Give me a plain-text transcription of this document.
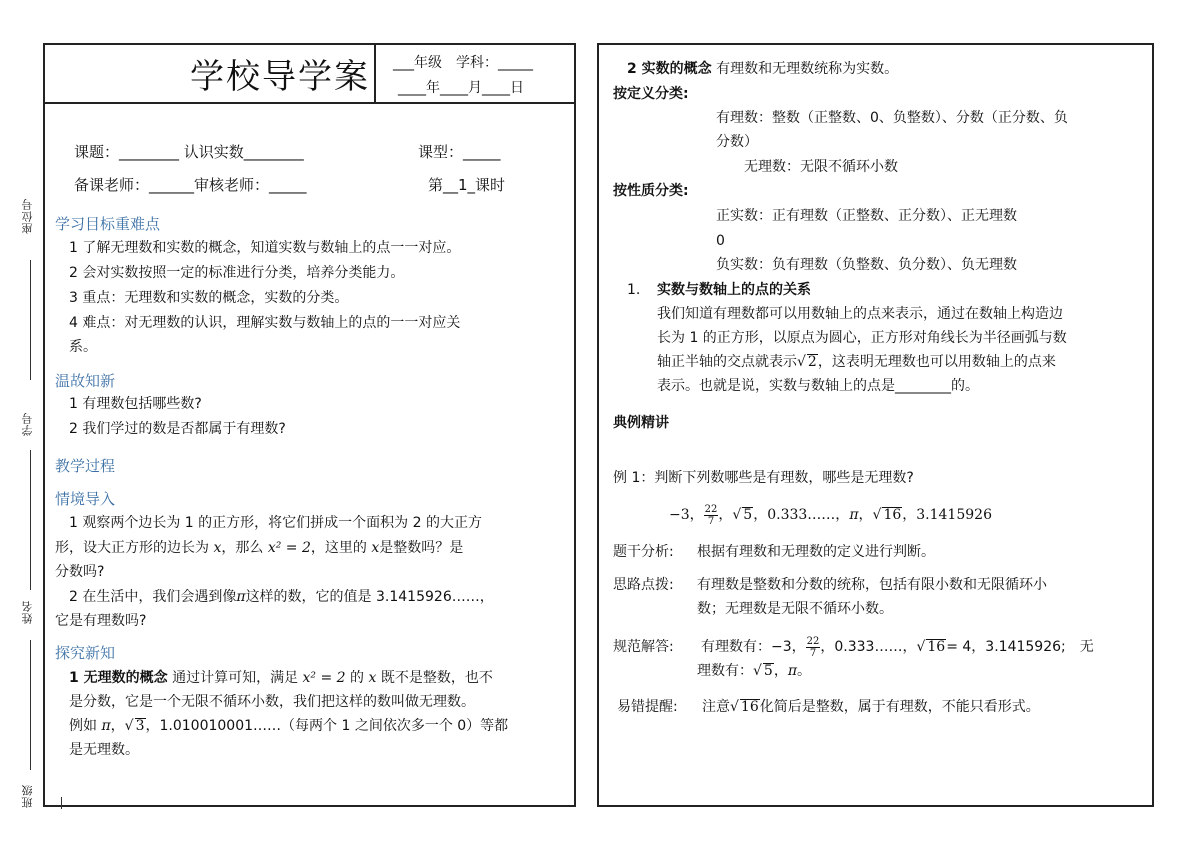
座位号
学号
姓名
班级
学校导学案 ___年级　学科：_____
____年____月____日
课题：________ 认识实数________	课型：_____
备课老师：______审核老师：_____	第__1_课时
学习目标重难点
1 了解无理数和实数的概念，知道实数与数轴上的点一一对应。
2 会对实数按照一定的标准进行分类，培养分类能力。
3 重点：无理数和实数的概念，实数的分类。
4 难点：对无理数的认识，理解实数与数轴上的点的一一对应关
系。
温故知新
1 有理数包括哪些数?
2 我们学过的数是否都属于有理数?
教学过程
情境导入
1 观察两个边长为 1 的正方形，将它们拼成一个面积为 2 的大正方
形，设大正方形的边长为 x，那么 x² = 2，这里的 x是整数吗？是
分数吗?
2 在生活中，我们会遇到像π这样的数，它的值是 3.1415926……，
它是有理数吗?
探究新知
1 无理数的概念 通过计算可知，满足 x² = 2 的 x 既不是整数，也不
是分数，它是一个无限不循环小数，我们把这样的数叫做无理数。
例如 π，√ 3，1.010010001……（每两个 1 之间依次多一个 0）等都
是无理数。
2 实数的概念 有理数和无理数统称为实数。
按定义分类:
有理数：整数（正整数、0、负整数）、分数（正分数、负
分数）
无理数：无限不循环小数
按性质分类:
正实数：正有理数（正整数、正分数）、正无理数
0
负实数：负有理数（负整数、负分数）、负无理数
1. 实数与数轴上的点的关系
我们知道有理数都可以用数轴上的点来表示，通过在数轴上构造边
长为 1 的正方形，以原点为圆心，正方形对角线长为半径画弧与数
轴正半轴的交点就表示√ 2，这表明无理数也可以用数轴上的点来
表示。也就是说，实数与数轴上的点是________的。
典例精讲
例 1：判断下列数哪些是有理数，哪些是无理数?
−3， $\frac{22}{7}$ ，√ 5，0.333……，π，√ 16，3.1415926
题干分析: 根据有理数和无理数的定义进行判断。
思路点拨: 有理数是整数和分数的统称，包括有限小数和无限循环小
数；无理数是无限不循环小数。
规范解答: 有理数有：−3， $\frac{22}{7}$ ，0.333……，√ 16= 4，3.1415926;　无
理数有：√ 5，π。
易错提醒: 注意√ 16化简后是整数，属于有理数，不能只看形式。
